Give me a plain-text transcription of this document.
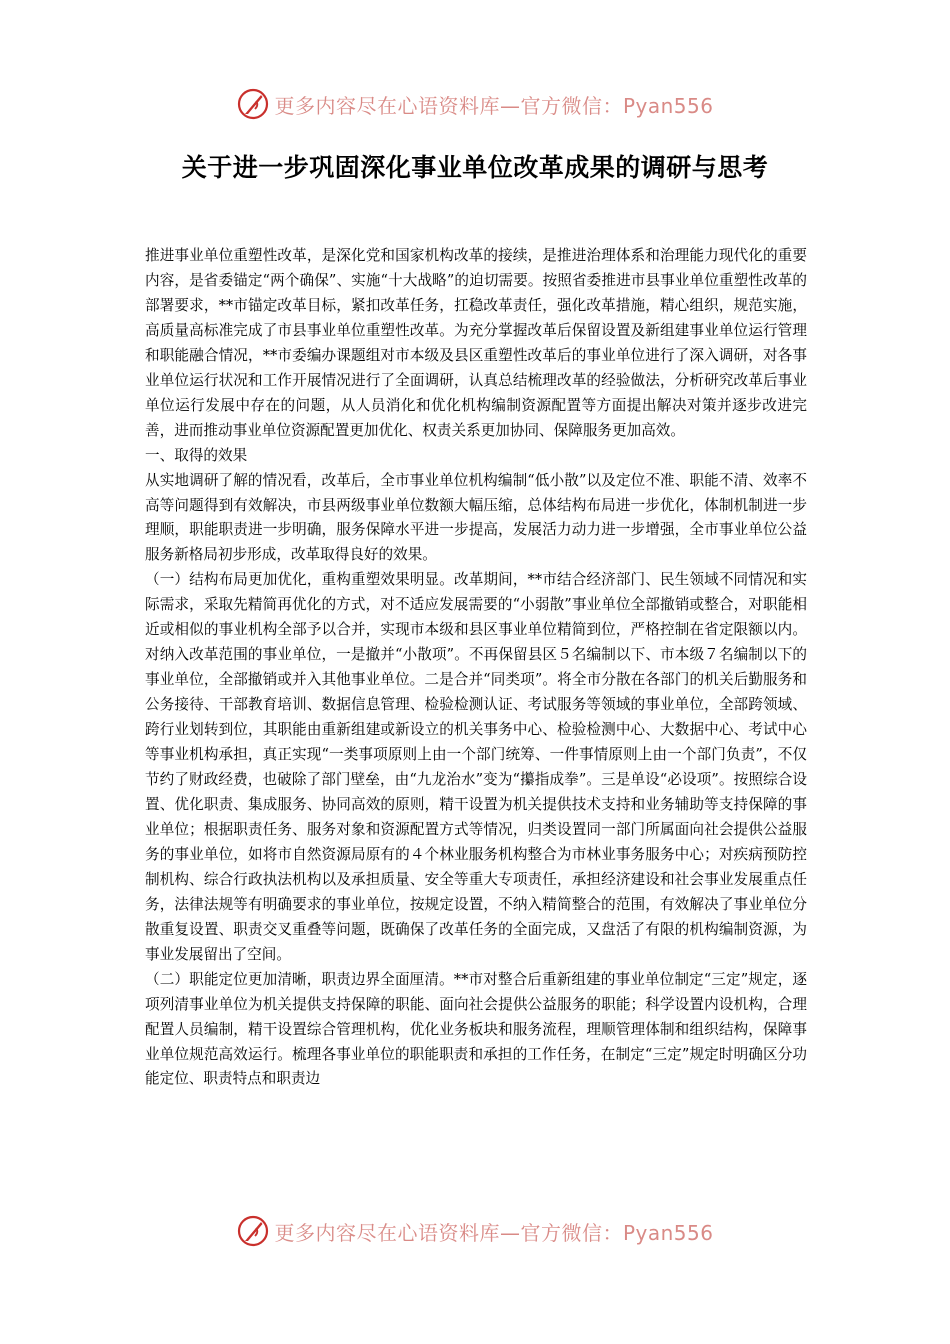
更多内容尽在心语资料库—官方微信：Pyan556
关于进一步巩固深化事业单位改革成果的调研与思考

推进事业单位重塑性改革，是深化党和国家机构改革的接续，是推进治理体系和治理能力现代化的重要内容，是省委锚定“两个确保”、实施“十大战略”的迫切需要。按照省委推进市县事业单位重塑性改革的部署要求，**市锚定改革目标，紧扣改革任务，扛稳改革责任，强化改革措施，精心组织，规范实施，高质量高标准完成了市县事业单位重塑性改革。为充分掌握改革后保留设置及新组建事业单位运行管理和职能融合情况，**市委编办课题组对市本级及县区重塑性改革后的事业单位进行了深入调研，对各事业单位运行状况和工作开展情况进行了全面调研，认真总结梳理改革的经验做法，分析研究改革后事业单位运行发展中存在的问题，从人员消化和优化机构编制资源配置等方面提出解决对策并逐步改进完善，进而推动事业单位资源配置更加优化、权责关系更加协同、保障服务更加高效。

一、取得的效果

从实地调研了解的情况看，改革后，全市事业单位机构编制“低小散”以及定位不准、职能不清、效率不高等问题得到有效解决，市县两级事业单位数额大幅压缩，总体结构布局进一步优化，体制机制进一步理顺，职能职责进一步明确，服务保障水平进一步提高，发展活力动力进一步增强，全市事业单位公益服务新格局初步形成，改革取得良好的效果。

（一）结构布局更加优化，重构重塑效果明显。改革期间，**市结合经济部门、民生领域不同情况和实际需求，采取先精简再优化的方式，对不适应发展需要的“小弱散”事业单位全部撤销或整合，对职能相近或相似的事业机构全部予以合并，实现市本级和县区事业单位精简到位，严格控制在省定限额以内。对纳入改革范围的事业单位，一是撤并“小散项”。不再保留县区５名编制以下、市本级７名编制以下的事业单位，全部撤销或并入其他事业单位。二是合并“同类项”。将全市分散在各部门的机关后勤服务和公务接待、干部教育培训、数据信息管理、检验检测认证、考试服务等领域的事业单位，全部跨领域、跨行业划转到位，其职能由重新组建或新设立的机关事务中心、检验检测中心、大数据中心、考试中心等事业机构承担，真正实现“一类事项原则上由一个部门统筹、一件事情原则上由一个部门负责”，不仅节约了财政经费，也破除了部门壁垒，由“九龙治水”变为“攥指成拳”。三是单设“必设项”。按照综合设置、优化职责、集成服务、协同高效的原则，精干设置为机关提供技术支持和业务辅助等支持保障的事业单位；根据职责任务、服务对象和资源配置方式等情况，归类设置同一部门所属面向社会提供公益服务的事业单位，如将市自然资源局原有的４个林业服务机构整合为市林业事务服务中心；对疾病预防控制机构、综合行政执法机构以及承担质量、安全等重大专项责任，承担经济建设和社会事业发展重点任务，法律法规等有明确要求的事业单位，按规定设置，不纳入精简整合的范围，有效解决了事业单位分散重复设置、职责交叉重叠等问题，既确保了改革任务的全面完成，又盘活了有限的机构编制资源，为事业发展留出了空间。

（二）职能定位更加清晰，职责边界全面厘清。**市对整合后重新组建的事业单位制定“三定”规定，逐项列清事业单位为机关提供支持保障的职能、面向社会提供公益服务的职能；科学设置内设机构，合理配置人员编制，精干设置综合管理机构，优化业务板块和服务流程，理顺管理体制和组织结构，保障事业单位规范高效运行。梳理各事业单位的职能职责和承担的工作任务，在制定“三定”规定时明确区分功能定位、职责特点和职责边

更多内容尽在心语资料库—官方微信：Pyan556
